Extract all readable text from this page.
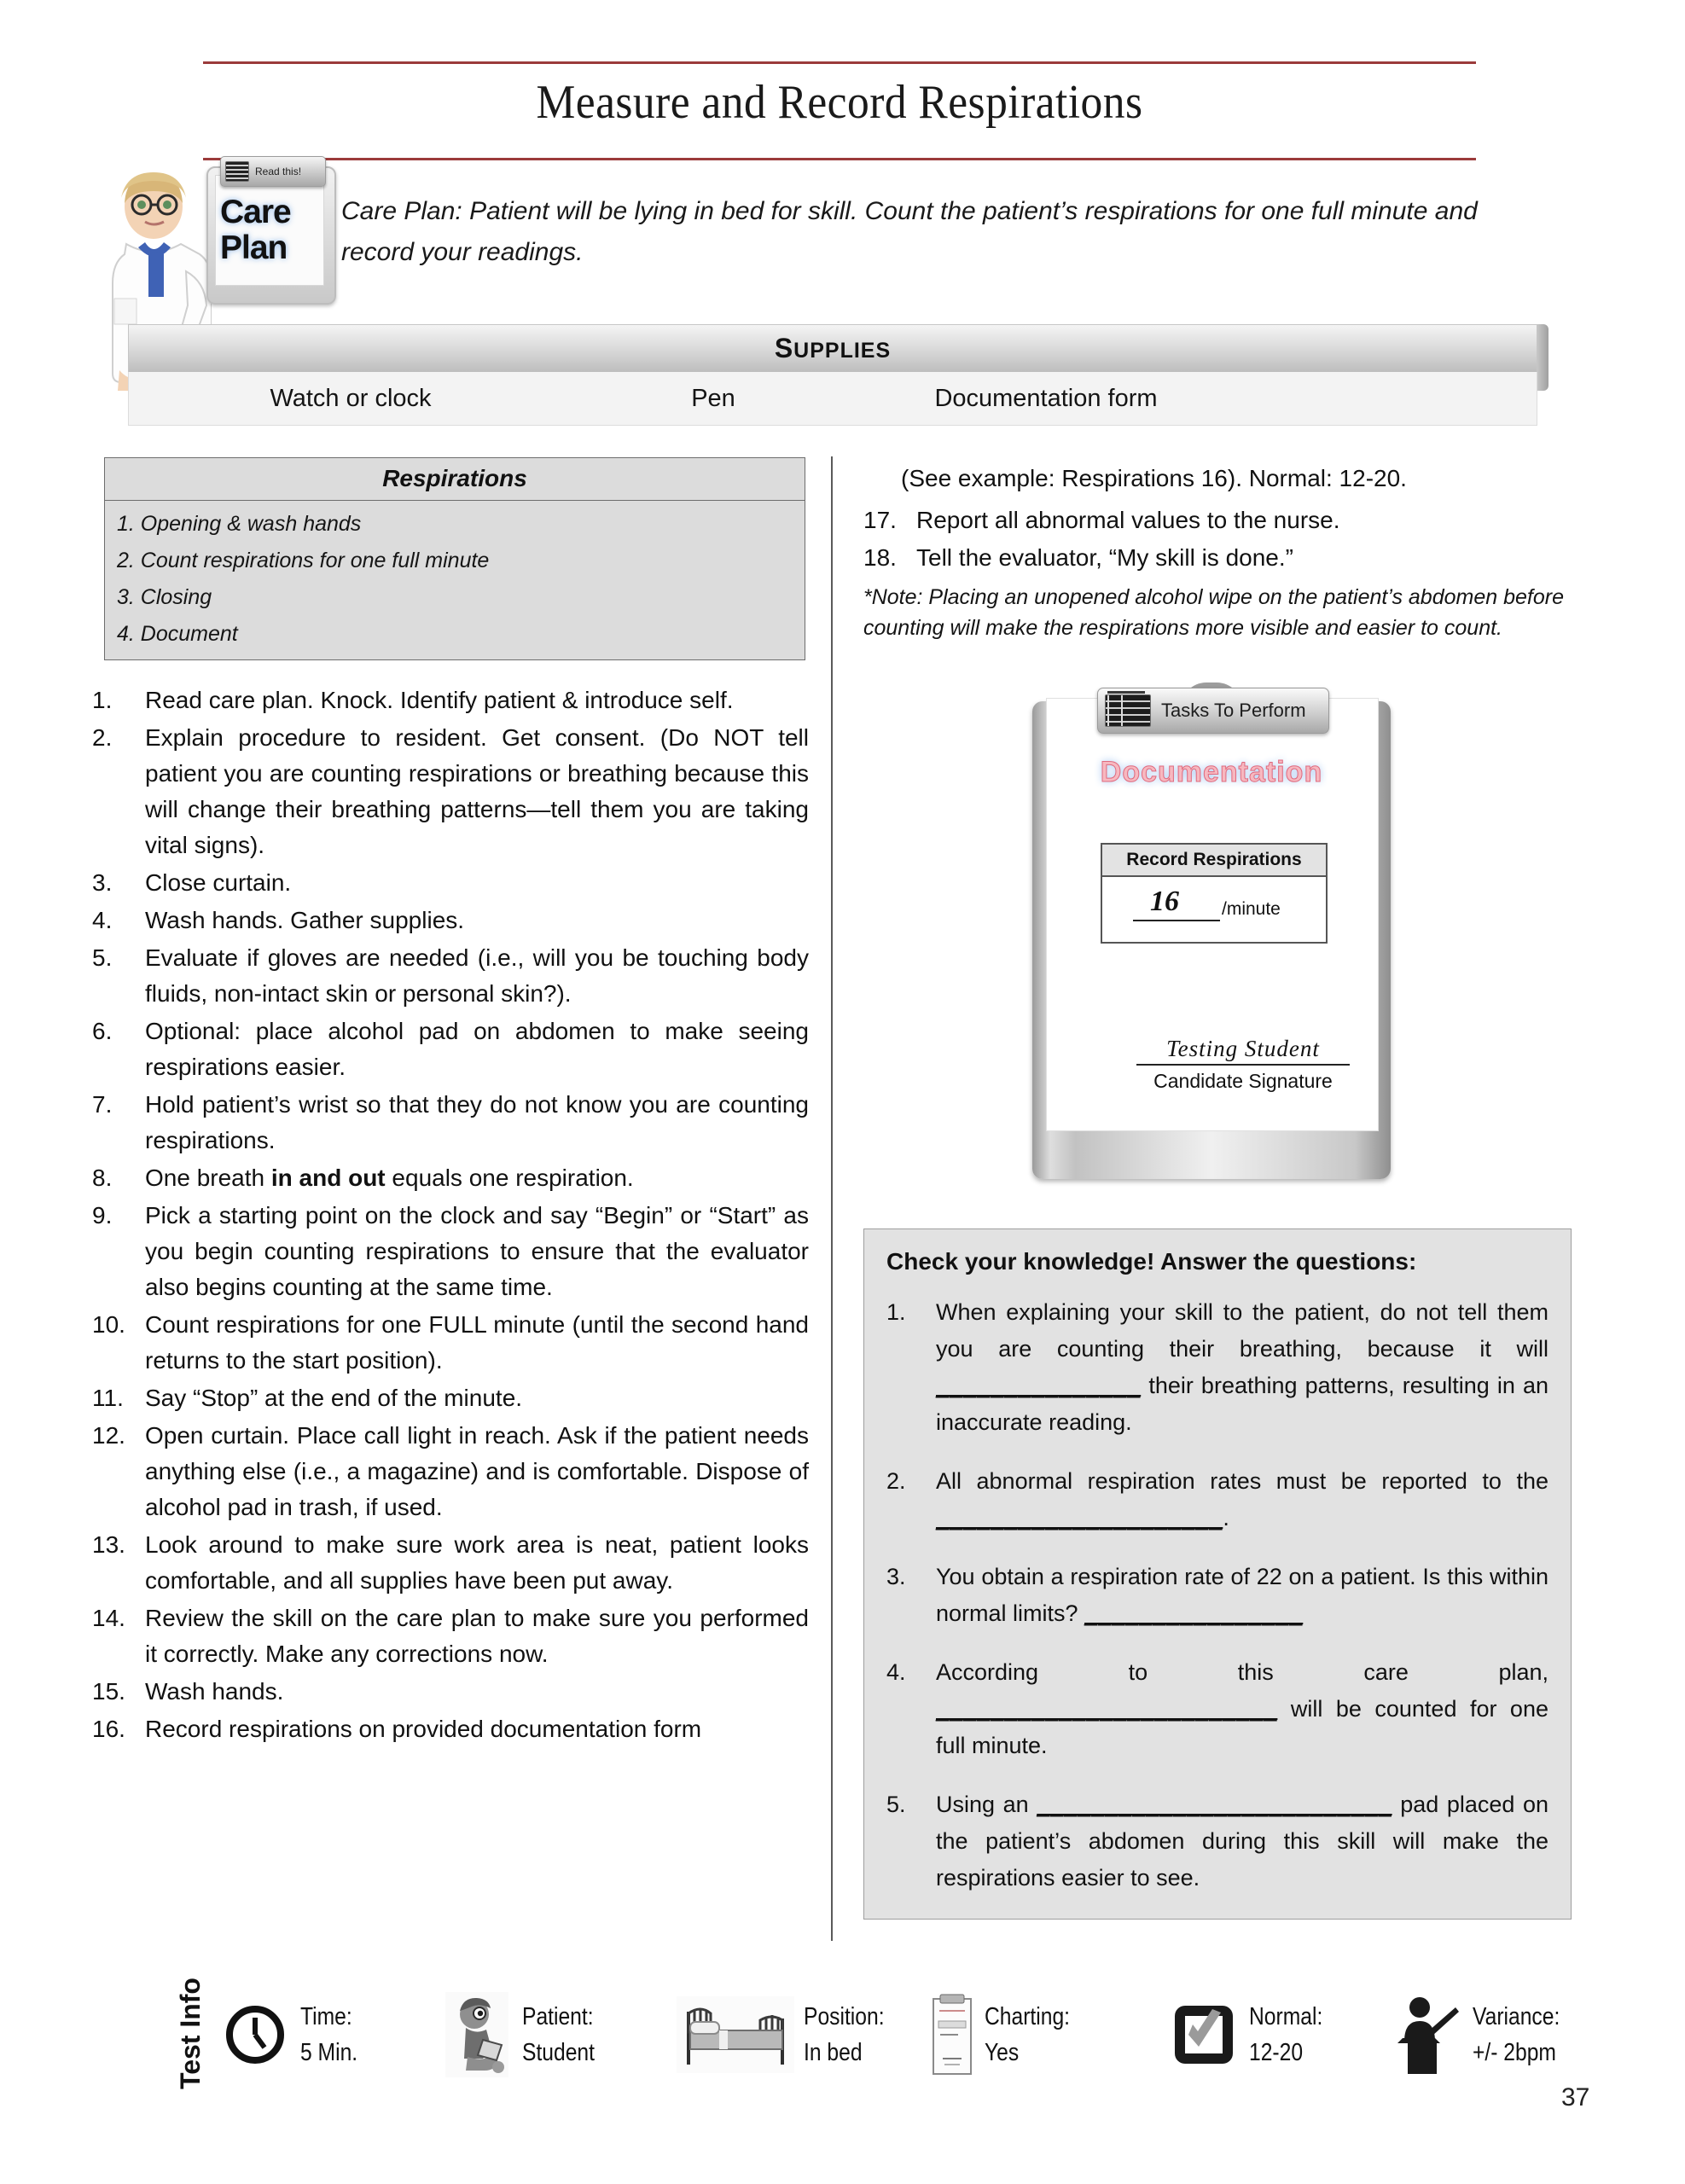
Measure and Record Respirations
Read this!
Care
Plan
Care Plan: Patient will be lying in bed for skill. Count the patient’s respirations for one full minute and record your readings.
SUPPLIES
Watch or clock	Pen	Documentation form
Respirations
1. Opening & wash hands
2. Count respirations for one full minute
3. Closing
4. Document
1.	Read care plan. Knock. Identify patient & introduce self.
2.	Explain procedure to resident. Get consent. (Do NOT tell patient you are counting respirations or breathing because this will change their breathing patterns—tell them you are taking vital signs).
3.	Close curtain.
4.	Wash hands. Gather supplies.
5.	Evaluate if gloves are needed (i.e., will you be touching body fluids, non-intact skin or personal skin?).
6.	Optional: place alcohol pad on abdomen to make seeing respirations easier.
7.	Hold patient’s wrist so that they do not know you are counting respirations.
8.	One breath in and out equals one respiration.
9.	Pick a starting point on the clock and say “Begin” or “Start” as you begin counting respirations to ensure that the evaluator also begins counting at the same time.
10. Count respirations for one FULL minute (until the second hand returns to the start position).
11. Say “Stop” at the end of the minute.
12. Open curtain. Place call light in reach. Ask if the patient needs anything else (i.e., a magazine) and is comfortable. Dispose of alcohol pad in trash, if used.
13. Look around to make sure work area is neat, patient looks comfortable, and all supplies have been put away.
14. Review the skill on the care plan to make sure you performed it correctly. Make any corrections now.
15. Wash hands.
16. Record respirations on provided documentation form
(See example: Respirations 16). Normal: 12-20.
17. Report all abnormal values to the nurse.
18. Tell the evaluator, “My skill is done.”
*Note: Placing an unopened alcohol wipe on the patient’s abdomen before counting will make the respirations more visible and easier to count.
Tasks To Perform
Documentation
Record Respirations
16 /minute
Testing Student
Candidate Signature
Check your knowledge! Answer the questions:
1.	When explaining your skill to the patient, do not tell them you are counting their breathing, because it will _______________ their breathing patterns, resulting in an inaccurate reading.
2.	All abnormal respiration rates must be reported to the _____________________.
3.	You obtain a respiration rate of 22 on a patient. Is this within normal limits? ________________
4.	According to this care plan, _________________________ will be counted for one full minute.
5.	Using an __________________________ pad placed on the patient’s abdomen during this skill will make the respirations easier to see.
Test Info	Time:
5 Min.
Patient:
Student
Position:
In bed
Charting:
Yes
Normal:
12-20
Variance:
+/- 2bpm
37
